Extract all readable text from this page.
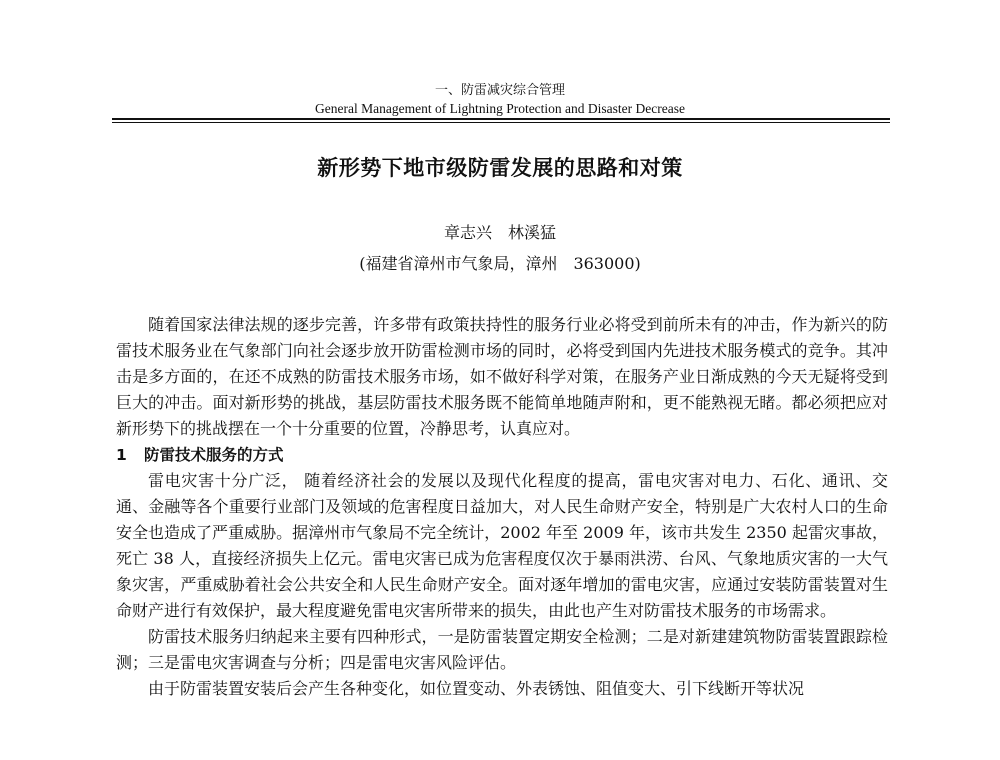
一、防雷减灾综合管理
General Management of Lightning Protection and Disaster Decrease
新形势下地市级防雷发展的思路和对策
章志兴　林溪猛
(福建省漳州市气象局，漳州　363000)

随着国家法律法规的逐步完善，许多带有政策扶持性的服务行业必将受到前所未有的冲击，作为新兴的防雷技术服务业在气象部门向社会逐步放开防雷检测市场的同时，必将受到国内先进技术服务模式的竞争。其冲击是多方面的，在还不成熟的防雷技术服务市场，如不做好科学对策，在服务产业日渐成熟的今天无疑将受到巨大的冲击。面对新形势的挑战，基层防雷技术服务既不能简单地随声附和，更不能熟视无睹。都必须把应对新形势下的挑战摆在一个十分重要的位置，冷静思考，认真应对。

1 防雷技术服务的方式

雷电灾害十分广泛， 随着经济社会的发展以及现代化程度的提高，雷电灾害对电力、石化、通讯、交通、金融等各个重要行业部门及领域的危害程度日益加大，对人民生命财产安全，特别是广大农村人口的生命安全也造成了严重威胁。据漳州市气象局不完全统计，2002 年至 2009 年，该市共发生 2350 起雷灾事故，死亡 38 人，直接经济损失上亿元。雷电灾害已成为危害程度仅次于暴雨洪涝、台风、气象地质灾害的一大气象灾害，严重威胁着社会公共安全和人民生命财产安全。面对逐年增加的雷电灾害，应通过安装防雷装置对生命财产进行有效保护，最大程度避免雷电灾害所带来的损失，由此也产生对防雷技术服务的市场需求。

防雷技术服务归纳起来主要有四种形式，一是防雷装置定期安全检测；二是对新建建筑物防雷装置跟踪检测；三是雷电灾害调查与分析；四是雷电灾害风险评估。

由于防雷装置安装后会产生各种变化，如位置变动、外表锈蚀、阻值变大、引下线断开等状况
